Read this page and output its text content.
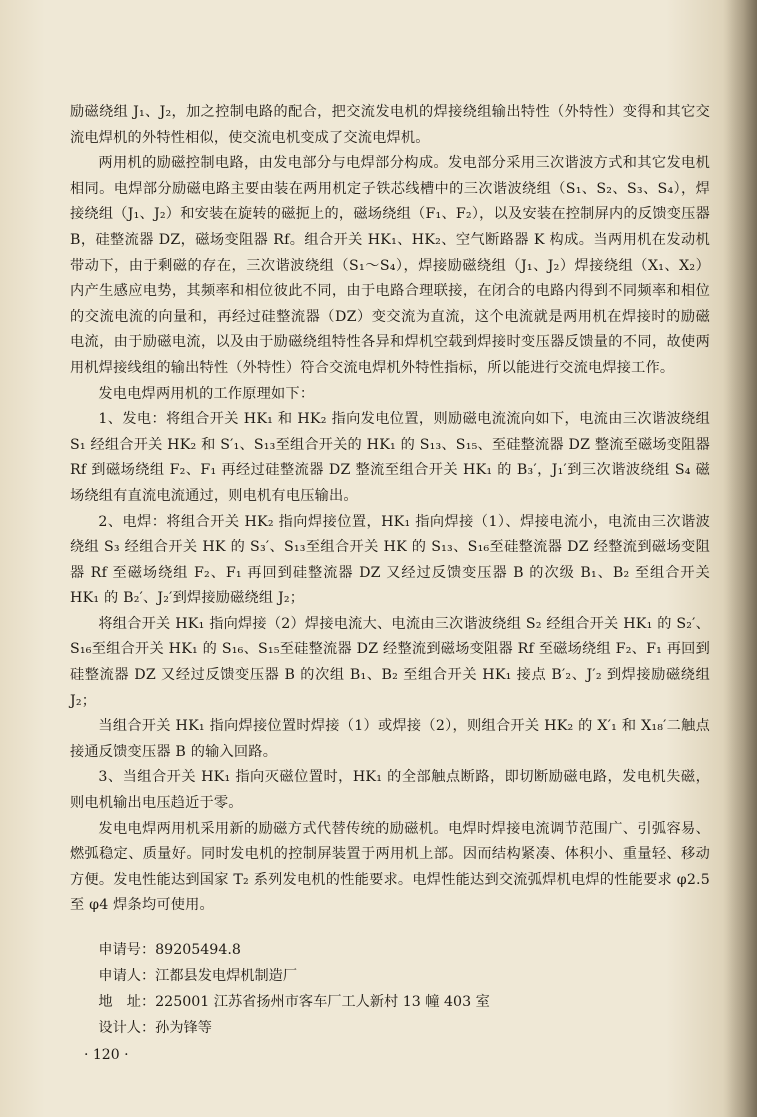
励磁绕组 J₁、J₂，加之控制电路的配合，把交流发电机的焊接绕组输出特性（外特性）变得和其它交流电焊机的外特性相似，使交流电机变成了交流电焊机。

两用机的励磁控制电路，由发电部分与电焊部分构成。发电部分采用三次谐波方式和其它发电机相同。电焊部分励磁电路主要由装在两用机定子铁芯线槽中的三次谐波绕组（S₁、S₂、S₃、S₄），焊接绕组（J₁、J₂）和安装在旋转的磁扼上的，磁场绕组（F₁、F₂），以及安装在控制屏内的反馈变压器 B，硅整流器 DZ，磁场变阻器 Rf。组合开关 HK₁、HK₂、空气断路器 K 构成。当两用机在发动机带动下，由于剩磁的存在，三次谐波绕组（S₁～S₄），焊接励磁绕组（J₁、J₂）焊接绕组（X₁、X₂）内产生感应电势，其频率和相位彼此不同，由于电路合理联接，在闭合的电路内得到不同频率和相位的交流电流的向量和，再经过硅整流器（DZ）变交流为直流，这个电流就是两用机在焊接时的励磁电流，由于励磁电流，以及由于励磁绕组特性各异和焊机空载到焊接时变压器反馈量的不同，故使两用机焊接线组的输出特性（外特性）符合交流电焊机外特性指标，所以能进行交流电焊接工作。

发电电焊两用机的工作原理如下：

1、发电：将组合开关 HK₁ 和 HK₂ 指向发电位置，则励磁电流流向如下，电流由三次谐波绕组 S₁ 经组合开关 HK₂ 和 S′₁、S₁₃至组合开关的 HK₁ 的 S₁₃、S₁₅、至硅整流器 DZ 整流至磁场变阻器 Rf 到磁场绕组 F₂、F₁ 再经过硅整流器 DZ 整流至组合开关 HK₁ 的 B₃′，J₁′到三次谐波绕组 S₄ 磁场绕组有直流电流通过，则电机有电压输出。

2、电焊：将组合开关 HK₂ 指向焊接位置，HK₁ 指向焊接（1）、焊接电流小，电流由三次谐波绕组 S₃ 经组合开关 HK 的 S₃′、S₁₃至组合开关 HK 的 S₁₃、S₁₆至硅整流器 DZ 经整流到磁场变阻器 Rf 至磁场绕组 F₂、F₁ 再回到硅整流器 DZ 又经过反馈变压器 B 的次级 B₁、B₂ 至组合开关 HK₁ 的 B₂′、J₂′到焊接励磁绕组 J₂；

将组合开关 HK₁ 指向焊接（2）焊接电流大、电流由三次谐波绕组 S₂ 经组合开关 HK₁ 的 S₂′、S₁₆至组合开关 HK₁ 的 S₁₆、S₁₅至硅整流器 DZ 经整流到磁场变阻器 Rf 至磁场绕组 F₂、F₁ 再回到硅整流器 DZ 又经过反馈变压器 B 的次组 B₁、B₂ 至组合开关 HK₁ 接点 B′₂、J′₂ 到焊接励磁绕组 J₂；

当组合开关 HK₁ 指向焊接位置时焊接（1）或焊接（2），则组合开关 HK₂ 的 X′₁ 和 X₁₈′二触点接通反馈变压器 B 的输入回路。

3、当组合开关 HK₁ 指向灭磁位置时，HK₁ 的全部触点断路，即切断励磁电路，发电机失磁，则电机输出电压趋近于零。

发电电焊两用机采用新的励磁方式代替传统的励磁机。电焊时焊接电流调节范围广、引弧容易、燃弧稳定、质量好。同时发电机的控制屏装置于两用机上部。因而结构紧凑、体积小、重量轻、移动方便。发电性能达到国家 T₂ 系列发电机的性能要求。电焊性能达到交流弧焊机电焊的性能要求 φ2.5 至 φ4 焊条均可使用。

申请号：89205494.8

申请人：江都县发电焊机制造厂

地　址：225001 江苏省扬州市客车厂工人新村 13 幢 403 室

设计人：孙为锋等

· 120 ·
